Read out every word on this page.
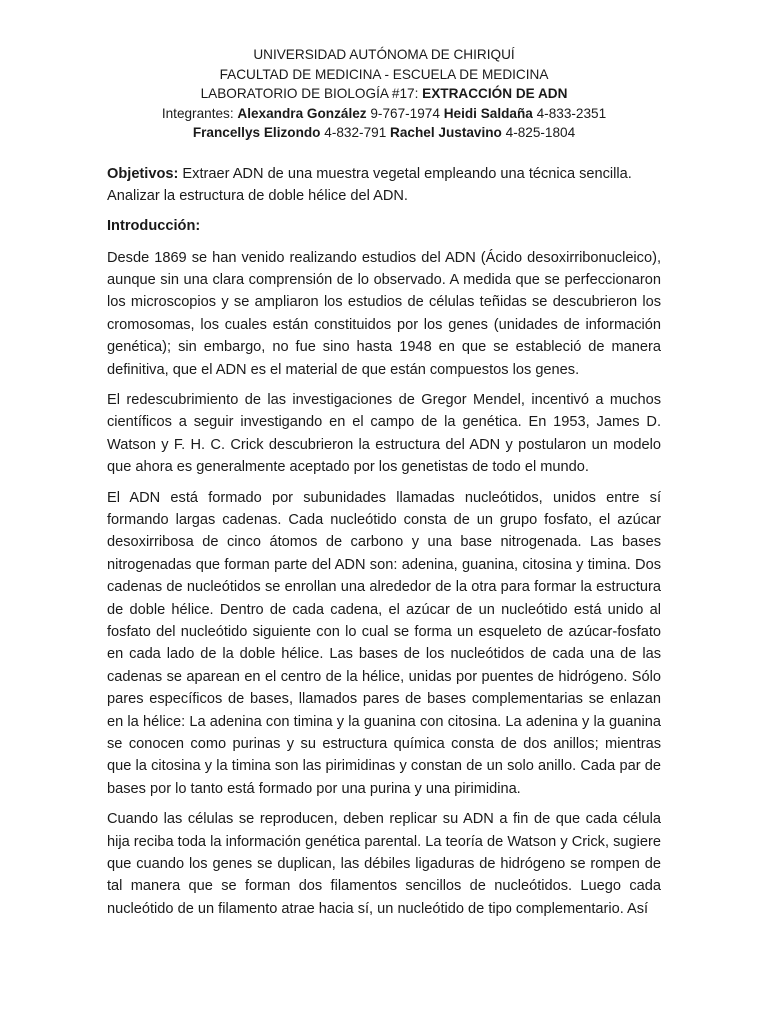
UNIVERSIDAD AUTÓNOMA DE CHIRIQUÍ
FACULTAD DE MEDICINA - ESCUELA DE MEDICINA
LABORATORIO DE BIOLOGÍA #17: EXTRACCIÓN DE ADN
Integrantes: Alexandra González 9-767-1974 Heidi Saldaña 4-833-2351
Francellys Elizondo 4-832-791 Rachel Justavino 4-825-1804
Objetivos: Extraer ADN de una muestra vegetal empleando una técnica sencilla.
Analizar la estructura de doble hélice del ADN.
Introducción:

Desde 1869 se han venido realizando estudios del ADN (Ácido desoxirribonucleico), aunque sin una clara comprensión de lo observado. A medida que se perfeccionaron los microscopios y se ampliaron los estudios de células teñidas se descubrieron los cromosomas, los cuales están constituidos por los genes (unidades de información genética); sin embargo, no fue sino hasta 1948 en que se estableció de manera definitiva, que el ADN es el material de que están compuestos los genes.

El redescubrimiento de las investigaciones de Gregor Mendel, incentivó a muchos científicos a seguir investigando en el campo de la genética. En 1953, James D. Watson y F. H. C. Crick descubrieron la estructura del ADN y postularon un modelo que ahora es generalmente aceptado por los genetistas de todo el mundo.

El ADN está formado por subunidades llamadas nucleótidos, unidos entre sí formando largas cadenas. Cada nucleótido consta de un grupo fosfato, el azúcar desoxirribosa de cinco átomos de carbono y una base nitrogenada. Las bases nitrogenadas que forman parte del ADN son: adenina, guanina, citosina y timina. Dos cadenas de nucleótidos se enrollan una alrededor de la otra para formar la estructura de doble hélice. Dentro de cada cadena, el azúcar de un nucleótido está unido al fosfato del nucleótido siguiente con lo cual se forma un esqueleto de azúcar-fosfato en cada lado de la doble hélice. Las bases de los nucleótidos de cada una de las cadenas se aparean en el centro de la hélice, unidas por puentes de hidrógeno. Sólo pares específicos de bases, llamados pares de bases complementarias se enlazan en la hélice: La adenina con timina y la guanina con citosina. La adenina y la guanina se conocen como purinas y su estructura química consta de dos anillos; mientras que la citosina y la timina son las pirimidinas y constan de un solo anillo. Cada par de bases por lo tanto está formado por una purina y una pirimidina.

Cuando las células se reproducen, deben replicar su ADN a fin de que cada célula hija reciba toda la información genética parental. La teoría de Watson y Crick, sugiere que cuando los genes se duplican, las débiles ligaduras de hidrógeno se rompen de tal manera que se forman dos filamentos sencillos de nucleótidos. Luego cada nucleótido de un filamento atrae hacia sí, un nucleótido de tipo complementario. Así
